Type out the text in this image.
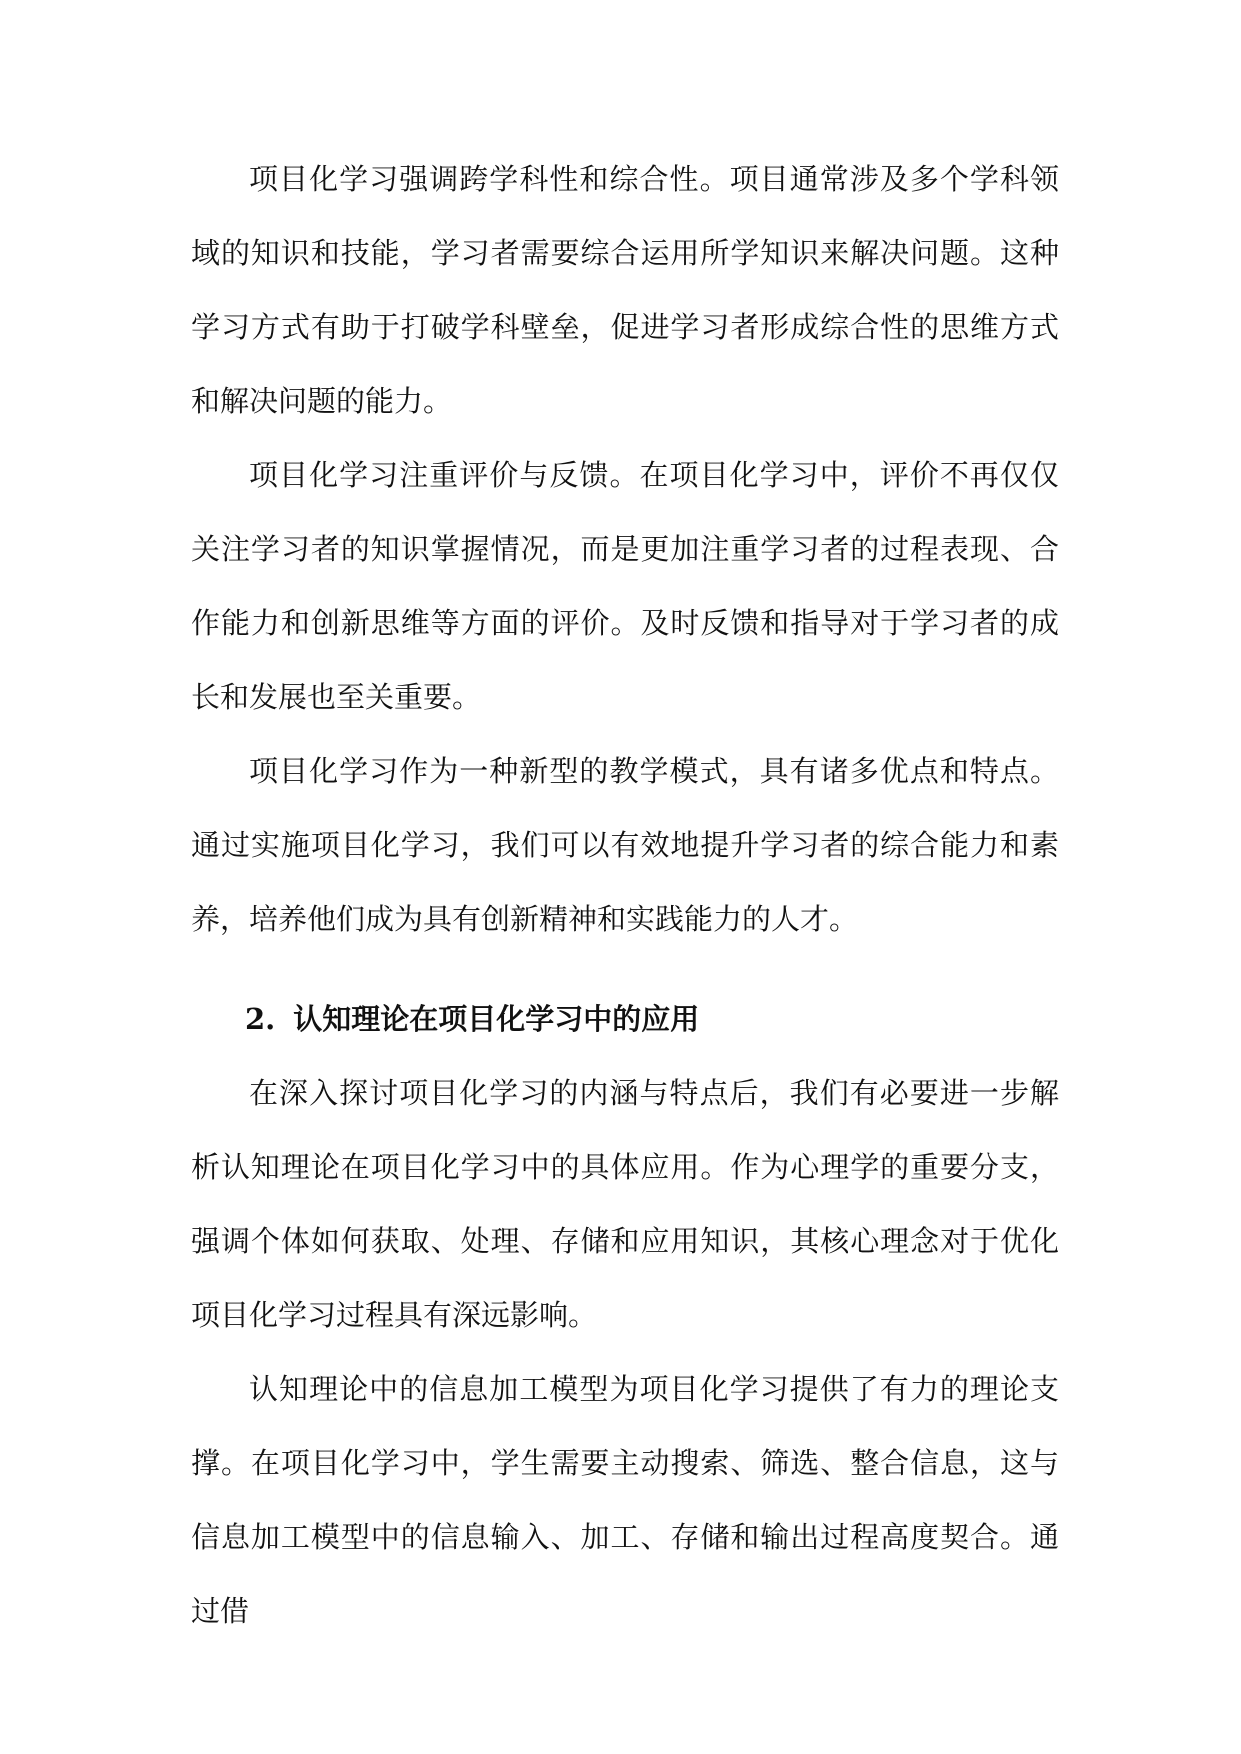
项目化学习强调跨学科性和综合性。项目通常涉及多个学科领域的知识和技能，学习者需要综合运用所学知识来解决问题。这种学习方式有助于打破学科壁垒，促进学习者形成综合性的思维方式和解决问题的能力。

项目化学习注重评价与反馈。在项目化学习中，评价不再仅仅关注学习者的知识掌握情况，而是更加注重学习者的过程表现、合作能力和创新思维等方面的评价。及时反馈和指导对于学习者的成长和发展也至关重要。

项目化学习作为一种新型的教学模式，具有诸多优点和特点。通过实施项目化学习，我们可以有效地提升学习者的综合能力和素养，培养他们成为具有创新精神和实践能力的人才。

2. 认知理论在项目化学习中的应用

在深入探讨项目化学习的内涵与特点后，我们有必要进一步解析认知理论在项目化学习中的具体应用。作为心理学的重要分支，强调个体如何获取、处理、存储和应用知识，其核心理念对于优化项目化学习过程具有深远影响。

认知理论中的信息加工模型为项目化学习提供了有力的理论支撑。在项目化学习中，学生需要主动搜索、筛选、整合信息，这与信息加工模型中的信息输入、加工、存储和输出过程高度契合。通过借
